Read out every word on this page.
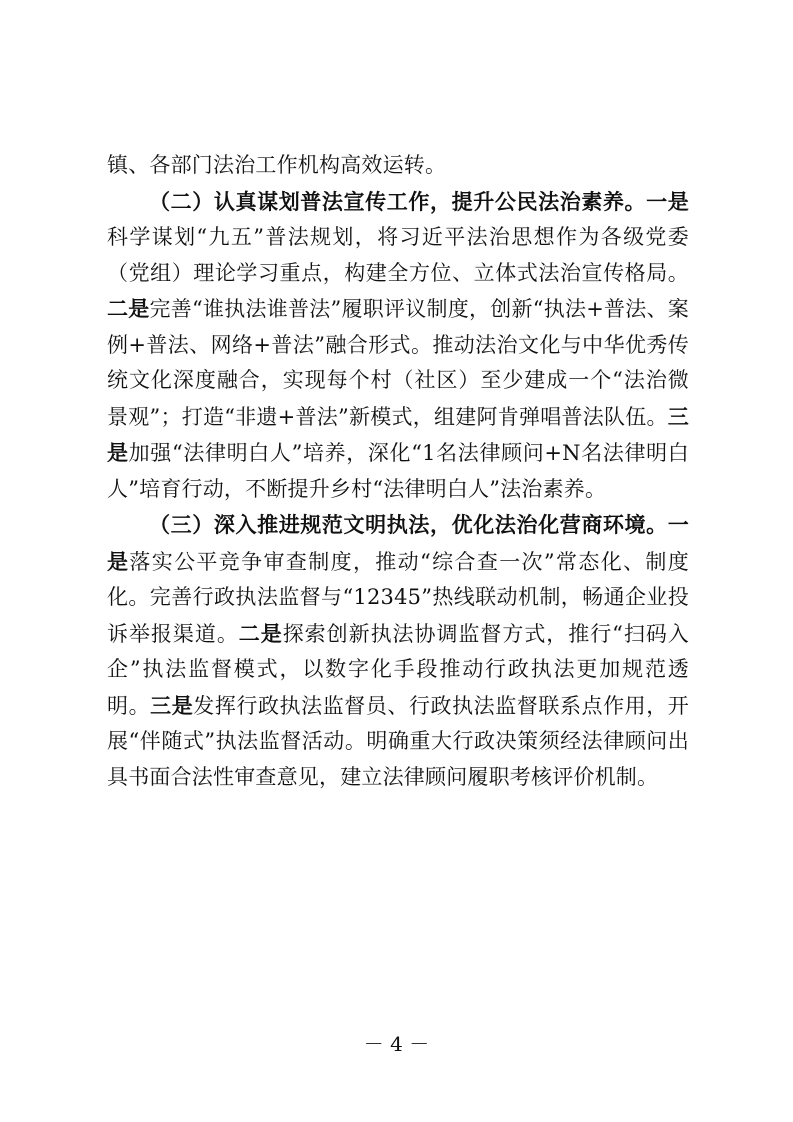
镇、各部门法治工作机构高效运转。

（二）认真谋划普法宣传工作，提升公民法治素养。一是科学谋划“九五”普法规划，将习近平法治思想作为各级党委（党组）理论学习重点，构建全方位、立体式法治宣传格局。二是完善“谁执法谁普法”履职评议制度，创新“执法+普法、案例+普法、网络+普法”融合形式。推动法治文化与中华优秀传统文化深度融合，实现每个村（社区）至少建成一个“法治微景观”；打造“非遗+普法”新模式，组建阿肯弹唱普法队伍。三是加强“法律明白人”培养，深化“1名法律顾问+N名法律明白人”培育行动，不断提升乡村“法律明白人”法治素养。

（三）深入推进规范文明执法，优化法治化营商环境。一是落实公平竞争审查制度，推动“综合查一次”常态化、制度化。完善行政执法监督与“12345”热线联动机制，畅通企业投诉举报渠道。二是探索创新执法协调监督方式，推行“扫码入企”执法监督模式，以数字化手段推动行政执法更加规范透明。三是发挥行政执法监督员、行政执法监督联系点作用，开展“伴随式”执法监督活动。明确重大行政决策须经法律顾问出具书面合法性审查意见，建立法律顾问履职考核评价机制。

－ 4 －
